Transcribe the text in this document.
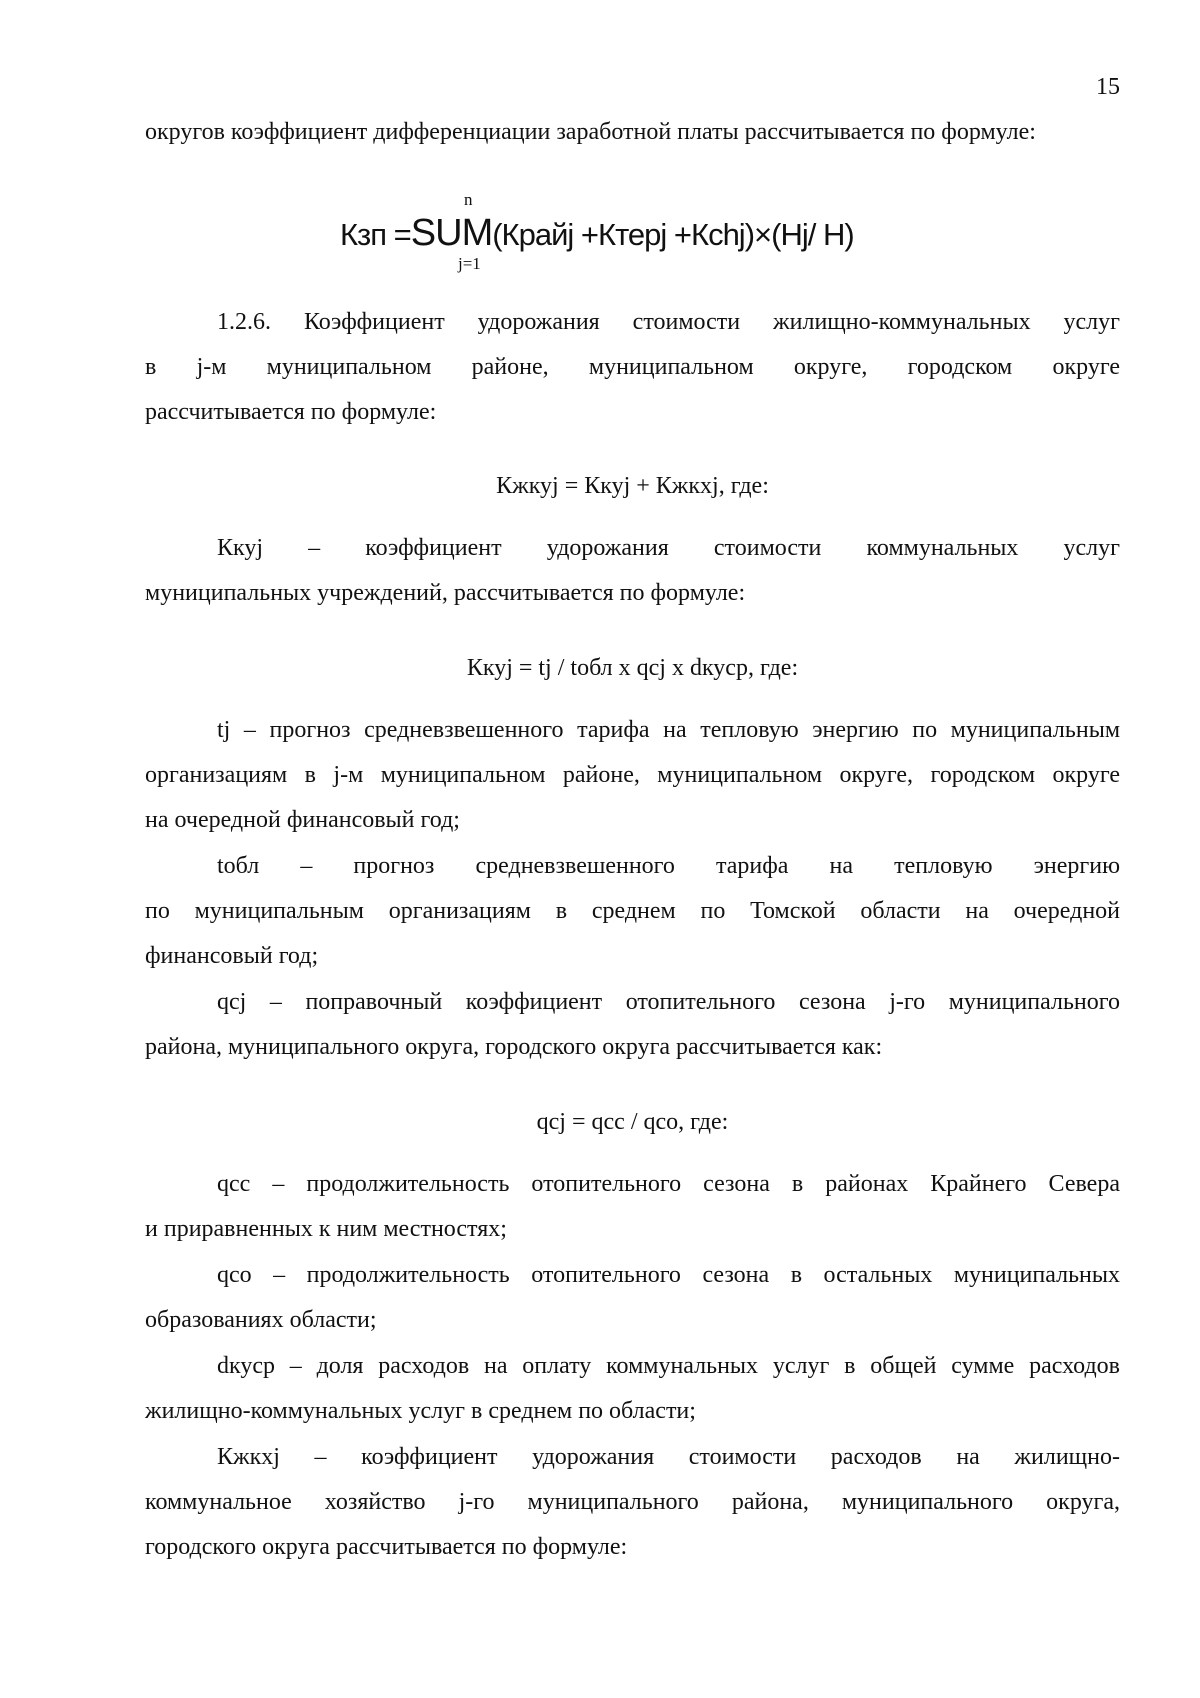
15
округов коэффициент дифференциации заработной платы рассчитывается по формуле:
n
Кзп =SUM(Крайj +Ктерj +Ксhj)×(Hj/ H)
j=1
1.2.6. Коэффициент удорожания стоимости жилищно-коммунальных услуг
в j-м муниципальном районе, муниципальном округе, городском округе
рассчитывается по формуле:
Кжкуj = Ккуj + Кжкхj, где:
Ккуj – коэффициент удорожания стоимости коммунальных услуг
муниципальных учреждений, рассчитывается по формуле:
Ккуj = tj / tобл x qcj x dкуср, где:
tj – прогноз средневзвешенного тарифа на тепловую энергию по муниципальным
организациям в j-м муниципальном районе, муниципальном округе, городском округе
на очередной финансовый год;
tобл – прогноз средневзвешенного тарифа на тепловую энергию
по муниципальным организациям в среднем по Томской области на очередной
финансовый год;
qcj – поправочный коэффициент отопительного сезона j-го муниципального
района, муниципального округа, городского округа рассчитывается как:
qcj = qcc / qco, где:
qcc – продолжительность отопительного сезона в районах Крайнего Севера
и приравненных к ним местностях;
qco – продолжительность отопительного сезона в остальных муниципальных
образованиях области;
dкуср – доля расходов на оплату коммунальных услуг в общей сумме расходов
жилищно-коммунальных услуг в среднем по области;
Кжкхj – коэффициент удорожания стоимости расходов на жилищно-
коммунальное хозяйство j-го муниципального района, муниципального округа,
городского округа рассчитывается по формуле:
